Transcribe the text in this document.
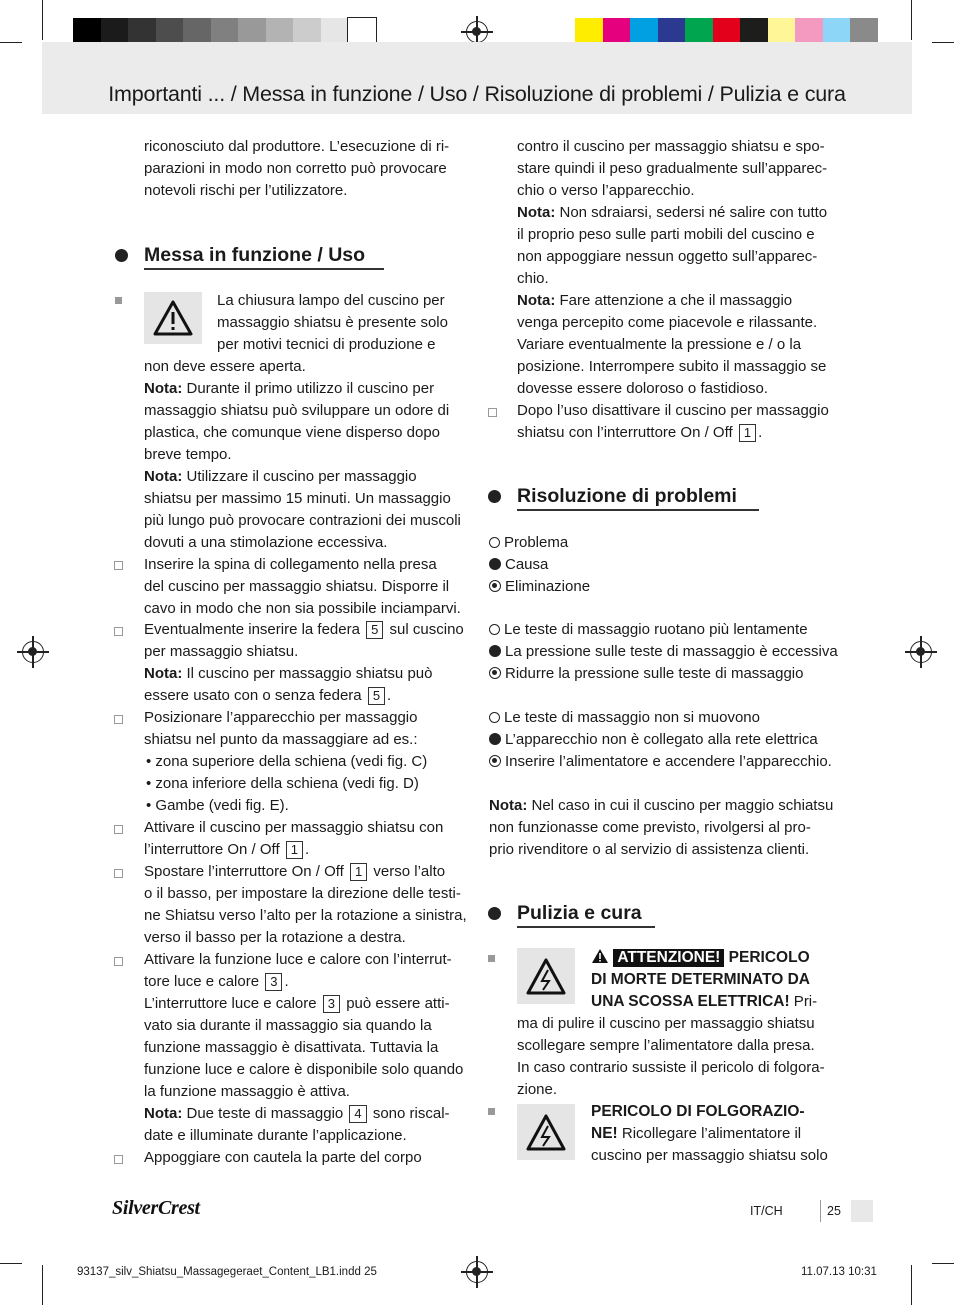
Importanti ... / Messa in funzione / Uso / Risoluzione di problemi / Pulizia e cura
riconosciuto dal produttore. L’esecuzione di ri-
parazioni in modo non corretto può provocare
notevoli rischi per l’utilizzatore.
Messa in funzione / Uso
La chiusura lampo del cuscino per
massaggio shiatsu è presente solo
per motivi tecnici di produzione e
non deve essere aperta.
Nota: Durante il primo utilizzo il cuscino per
massaggio shiatsu può sviluppare un odore di
plastica, che comunque viene disperso dopo
breve tempo.
Nota: Utilizzare il cuscino per massaggio
shiatsu per massimo 15 minuti. Un massaggio
più lungo può provocare contrazioni dei muscoli
dovuti a una stimolazione eccessiva.
Inserire la spina di collegamento nella presa
del cuscino per massaggio shiatsu. Disporre il
cavo in modo che non sia possibile inciamparvi.
Eventualmente inserire la federa 5 sul cuscino
per massaggio shiatsu.
Nota: Il cuscino per massaggio shiatsu può
essere usato con o senza federa 5 .
Posizionare l’apparecchio per massaggio
shiatsu nel punto da massaggiare ad es.:
• zona superiore della schiena (vedi fig. C)
• zona inferiore della schiena (vedi fig. D)
• Gambe (vedi fig. E).
Attivare il cuscino per massaggio shiatsu con
l’interruttore On / Off 1 .
Spostare l’interruttore On / Off 1 verso l’alto
o il basso, per impostare la direzione delle testi-
ne Shiatsu verso l’alto per la rotazione a sinistra,
verso il basso per la rotazione a destra.
Attivare la funzione luce e calore con l’interrut-
tore luce e calore 3 .
L’interruttore luce e calore 3 può essere atti-
vato sia durante il massaggio sia quando la
funzione massaggio è disattivata. Tuttavia la
funzione luce e calore è disponibile solo quando
la funzione massaggio è attiva.
Nota: Due teste di massaggio 4 sono riscal-
date e illuminate durante l’applicazione.
Appoggiare con cautela la parte del corpo
contro il cuscino per massaggio shiatsu e spo-
stare quindi il peso gradualmente sull’apparec-
chio o verso l’apparecchio.
Nota: Non sdraiarsi, sedersi né salire con tutto
il proprio peso sulle parti mobili del cuscino e
non appoggiare nessun oggetto sull’apparec-
chio.
Nota: Fare attenzione a che il massaggio
venga percepito come piacevole e rilassante.
Variare eventualmente la pressione e / o la
posizione. Interrompere subito il massaggio se
dovesse essere doloroso o fastidioso.
Dopo l’uso disattivare il cuscino per massaggio
shiatsu con l’interruttore On / Off 1 .
Risoluzione di problemi
Problema
Causa
Eliminazione
Le teste di massaggio ruotano più lentamente
La pressione sulle teste di massaggio è eccessiva
Ridurre la pressione sulle teste di massaggio
Le teste di massaggio non si muovono
L’apparecchio non è collegato alla rete elettrica
Inserire l’alimentatore e accendere l’apparecchio.
Nota: Nel caso in cui il cuscino per maggio schiatsu
non funzionasse come previsto, rivolgersi al pro-
prio rivenditore o al servizio di assistenza clienti.
Pulizia e cura
ATTENZIONE! PERICOLO
DI MORTE DETERMINATO DA
UNA SCOSSA ELETTRICA! Pri-
ma di pulire il cuscino per massaggio shiatsu
scollegare sempre l’alimentatore dalla presa.
In caso contrario sussiste il pericolo di folgora-
zione.
PERICOLO DI FOLGORAZIO-
NE! Ricollegare l’alimentatore il
cuscino per massaggio shiatsu solo
SilverCrest	IT/CH	25
93137_silv_Shiatsu_Massagegeraet_Content_LB1.indd 25	11.07.13 10:31
